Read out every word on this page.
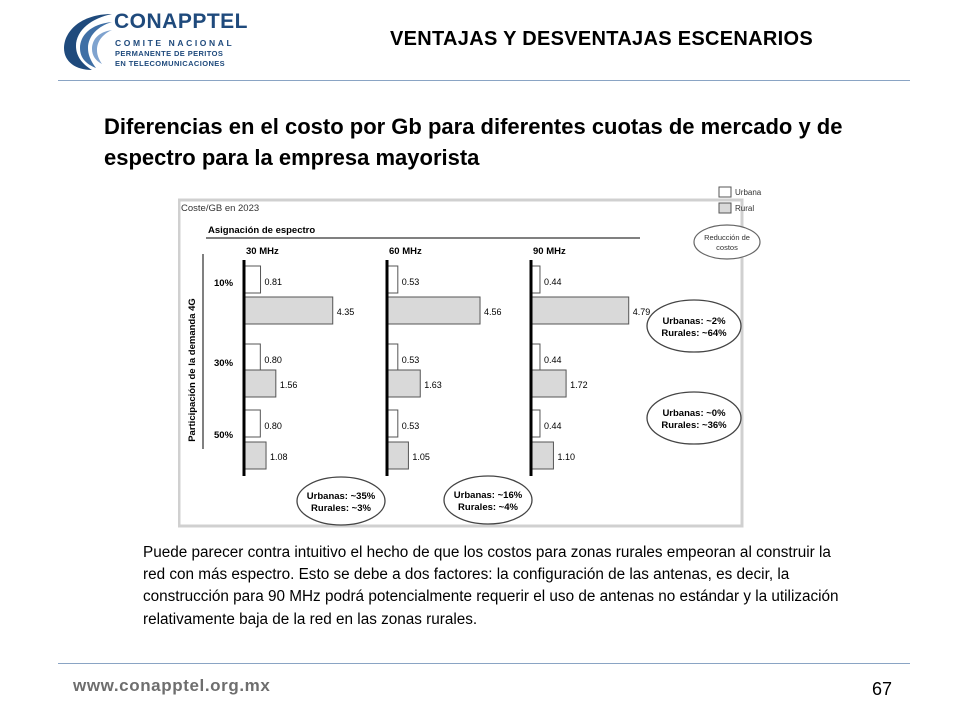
CONAPPTEL
COMITE NACIONAL
PERMANENTE DE PERITOS
EN TELECOMUNICACIONES
VENTAJAS Y DESVENTAJAS ESCENARIOS
Diferencias en el costo por Gb para diferentes cuotas de mercado y de espectro para la empresa mayorista
Coste/GB en 2023
Asignación de espectro
Participación de la demanda 4G
10%
30%
50%
30 MHz
0.81
4.35
0.80
1.56
0.80
1.08
60 MHz
0.53
4.56
0.53
1.63
0.53
1.05
90 MHz
0.44
4.79
0.44
1.72
0.44
1.10
Urbana
Rural
Reducción de
costos
Urbanas: ~2%
Rurales: ~64%
Urbanas: ~0%
Rurales: ~36%
Urbanas: ~35%
Rurales: ~3%
Urbanas: ~16%
Rurales: ~4%
Puede parecer contra intuitivo el hecho de que los costos para zonas rurales empeoran al construir la red con más espectro. Esto se debe a dos factores: la configuración de las antenas, es decir, la construcción para 90 MHz podrá potencialmente requerir el uso de antenas no estándar y la utilización relativamente baja de la red en las zonas rurales.
www.conapptel.org.mx	67
